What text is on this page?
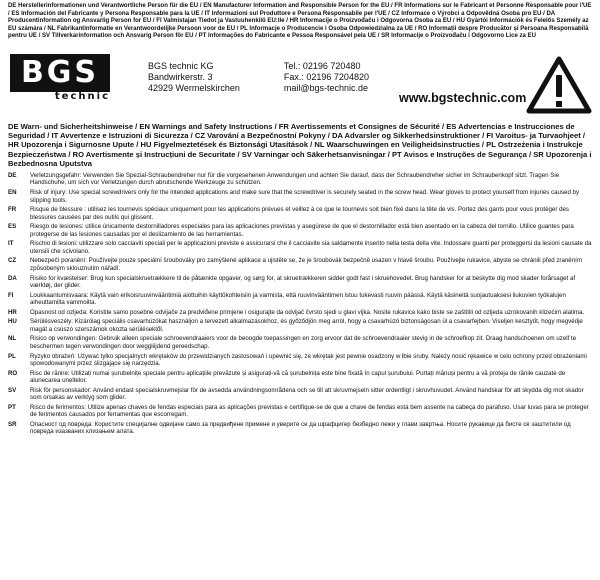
DE Herstellerinformationen und Verantwortliche Person für die EU / EN Manufacturer Information and Responsible Person for the EU / FR Informations sur le Fabricant et Personne Responsable pour l'UE/ ES Información del Fabricante y Persona Responsable para la UE / IT Informazioni sul Produttore e Persona Responsabile per l'UE / CZ Informace o Výrobci a Odpovědná Osoba pro EU / DA Producentinformation og Ansvarlig Person for EU / FI Valmistajan Tiedot ja Vastuuhenkilö EU:lle / HR Informacije o Proizvođaču i Odgovorna Osoba za EU / HU Gyártói Információk és Felelős Személy az EU számára / NL Fabrikantinformatie en Verantwoordelijke Persoon voor de EU / PL Informacje o Producencie i Osoba Odpowiedzialna za UE / RO Informații despre Producător și Persoana Responsabilă pentru UE / SV Tillverkarinformation och Ansvarig Person för EU / PT Informações do Fabricante e Pessoa Responsável pela UE / SR Informacije o Proizvođaču i Odgovorno Lice za EU
BGS
technic
BGS technic KG
Bandwirkerstr. 3
42929 Wermelskirchen
Tel.: 02196 720480
Fax.: 02196 7204820
mail@bgs-technic.de
www.bgstechnic.com
DE Warn- und Sicherheitshinweise / EN Warnings and Safety Instructions / FR Avertissements et Consignes de Sécurité / ES Advertencias e Instrucciones de Seguridad / IT Avvertenze e Istruzioni di Sicurezza / CZ Varování a Bezpečnostní Pokyny / DA Advarsler og Sikkerhedsinstruktioner / FI Varoitus- ja Turvaohjeet/ HR Upozorenja i Sigurnosne Upute / HU Figyelmeztetések és Biztonsági Utasítások / NL Waarschuwingen en Veiligheidsinstructies / PL Ostrzeżenia i Instrukcje Bezpieczeństwa / RO Avertismente și Instrucțiuni de Securitate / SV Varningar och Säkerhetsanvisningar / PT Avisos e Instruções de Segurança / SR Upozorenja i Bezbednosna Uputstva
DE	Verletzungsgefahr: Verwenden Sie Spezial-Schraubendreher nur für die vorgesehenen Anwendungen und achten Sie darauf, dass der Schraubendreher sicher im Schraubenkopf sitzt. Tragen Sie Handschuhe, um sich vor Verletzungen durch abrutschende Werkzeuge zu schützen.
EN	Risk of injury: Use special screwdrivers only for the intended applications and make sure that the screwdriver is securely seated in the screw head. Wear gloves to protect yourself from injuries caused by slipping tools.
FR	Risque de blessure : utilisez les tournevis spéciaux uniquement pour les applications prévues et veillez à ce que le tournevis soit bien fixé dans la tête de vis. Portez des gants pour vous protéger des blessures causées par des outils qui glissent.
ES	Riesgo de lesiones: utilice únicamente destornilladores especiales para las aplicaciones previstas y asegúrese de que el destornillador está bien asentado en la cabeza del tornillo. Utilice guantes para protegerse de las lesiones causadas por el deslizamiento de las herramientas.
IT	Rischio di lesioni: utilizzare solo cacciaviti speciali per le applicazioni previste e assicurarsi che il cacciavite sia saldamente inserito nella testa della vite. Indossare guanti per proteggersi da lesioni causate da utensili che scivolano.
CZ	Nebezpečí poranění: Používejte pouze speciální šroubováky pro zamýšlené aplikace a ujistěte se, že je šroubovák bezpečně usazen v hlavě šroubu. Používejte rukavice, abyste se chránili před zraněním způsobeným sklouznutím nářadí.
DA	Risiko for kvæstelser: Brug kun specialskruetrækkere til de påtænkte opgaver, og sørg for, at skruetrækkeren sidder godt fast i skruehovedet. Brug handsker for at beskytte dig mod skader forårsaget af værktøj, der glider.
FI	Loukkaantumisvaara: Käytä vain erikoisruuvinvääntimiä aiottuihin käyttökohteisiin ja varmista, että ruuvinvääntimen istuu tukevasti ruuvin päässä. Käytä käsineitä suojautuaksesi liukuvien työkalujen aiheuttamilta vammoilta.
HR	Opasnost od ozljeda: Koristite samo posebne odvijače za predviđene primjene i osigurajte da odvijač čvrsto sjedi u glavi vijka. Nosite rukavice kako biste se zaštitili od ozljeda uzrokovanih klizećim alatima.
HU	Sérülésveszély: Kizárólag speciális csavarhúzókat használjon a tervezett alkalmazásokhoz, és győződjön meg arról, hogy a csavarhúzó biztonságosan ül a csavarfejben. Viseljen kesztyűt, hogy megvédje magát a csúszó szerszámok okozta sérülésektől.
NL	Risico op verwondingen: Gebruik alleen speciale schroevendraaiers voor de beoogde toepassingen en zorg ervoor dat de schroevendraaier stevig in de schroefkop zit. Draag handschoenen om uzelf te beschermen tegen verwondingen door weggliijdend gereedschap.
PL	Ryzyko obrażeń: Używać tylko specjalnych wkrętaków do przewidzianych zastosowań i upewnić się, że wkrętak jest pewnie osadzony w łbie śruby. Należy nosić rękawice w celu ochrony przed obrażeniami spowodowanymi przez ślizgające się narzędzia.
RO	Risc de rănire: Utilizați numai șurubelnițe speciale pentru aplicațiile prevăzute și asigurați-vă că șurubelnița este bine fixată în capul șurubului. Purtați mănuși pentru a vă proteja de rănile cauzate de alunecarea uneltelor.
SV	Risk för personskador: Använd endast specialskruvmejslar för de avsedda användningsområdena och se till att skruvmejseln sitter ordentligt i skruvhuvudet. Använd handskar för att skydda dig mot skador som orsakas av verktyg som glider.
PT	Risco de ferimentos: Utilize apenas chaves de fendas especiais para as aplicações previstas e certifique-se de que a chave de fendas está bem assente na cabeça do parafuso. Usar luvas para se proteger de ferimentos causados por ferramentas que escorregam.
SR	Опасност од повреда: Користите специјалне одвијаче само за предвиђене примене и уверите се да шрафцигер безбедно лежи у глави завртња. Носите рукавице да бисте се заштитили од повреда изазваних клизањем алата.
